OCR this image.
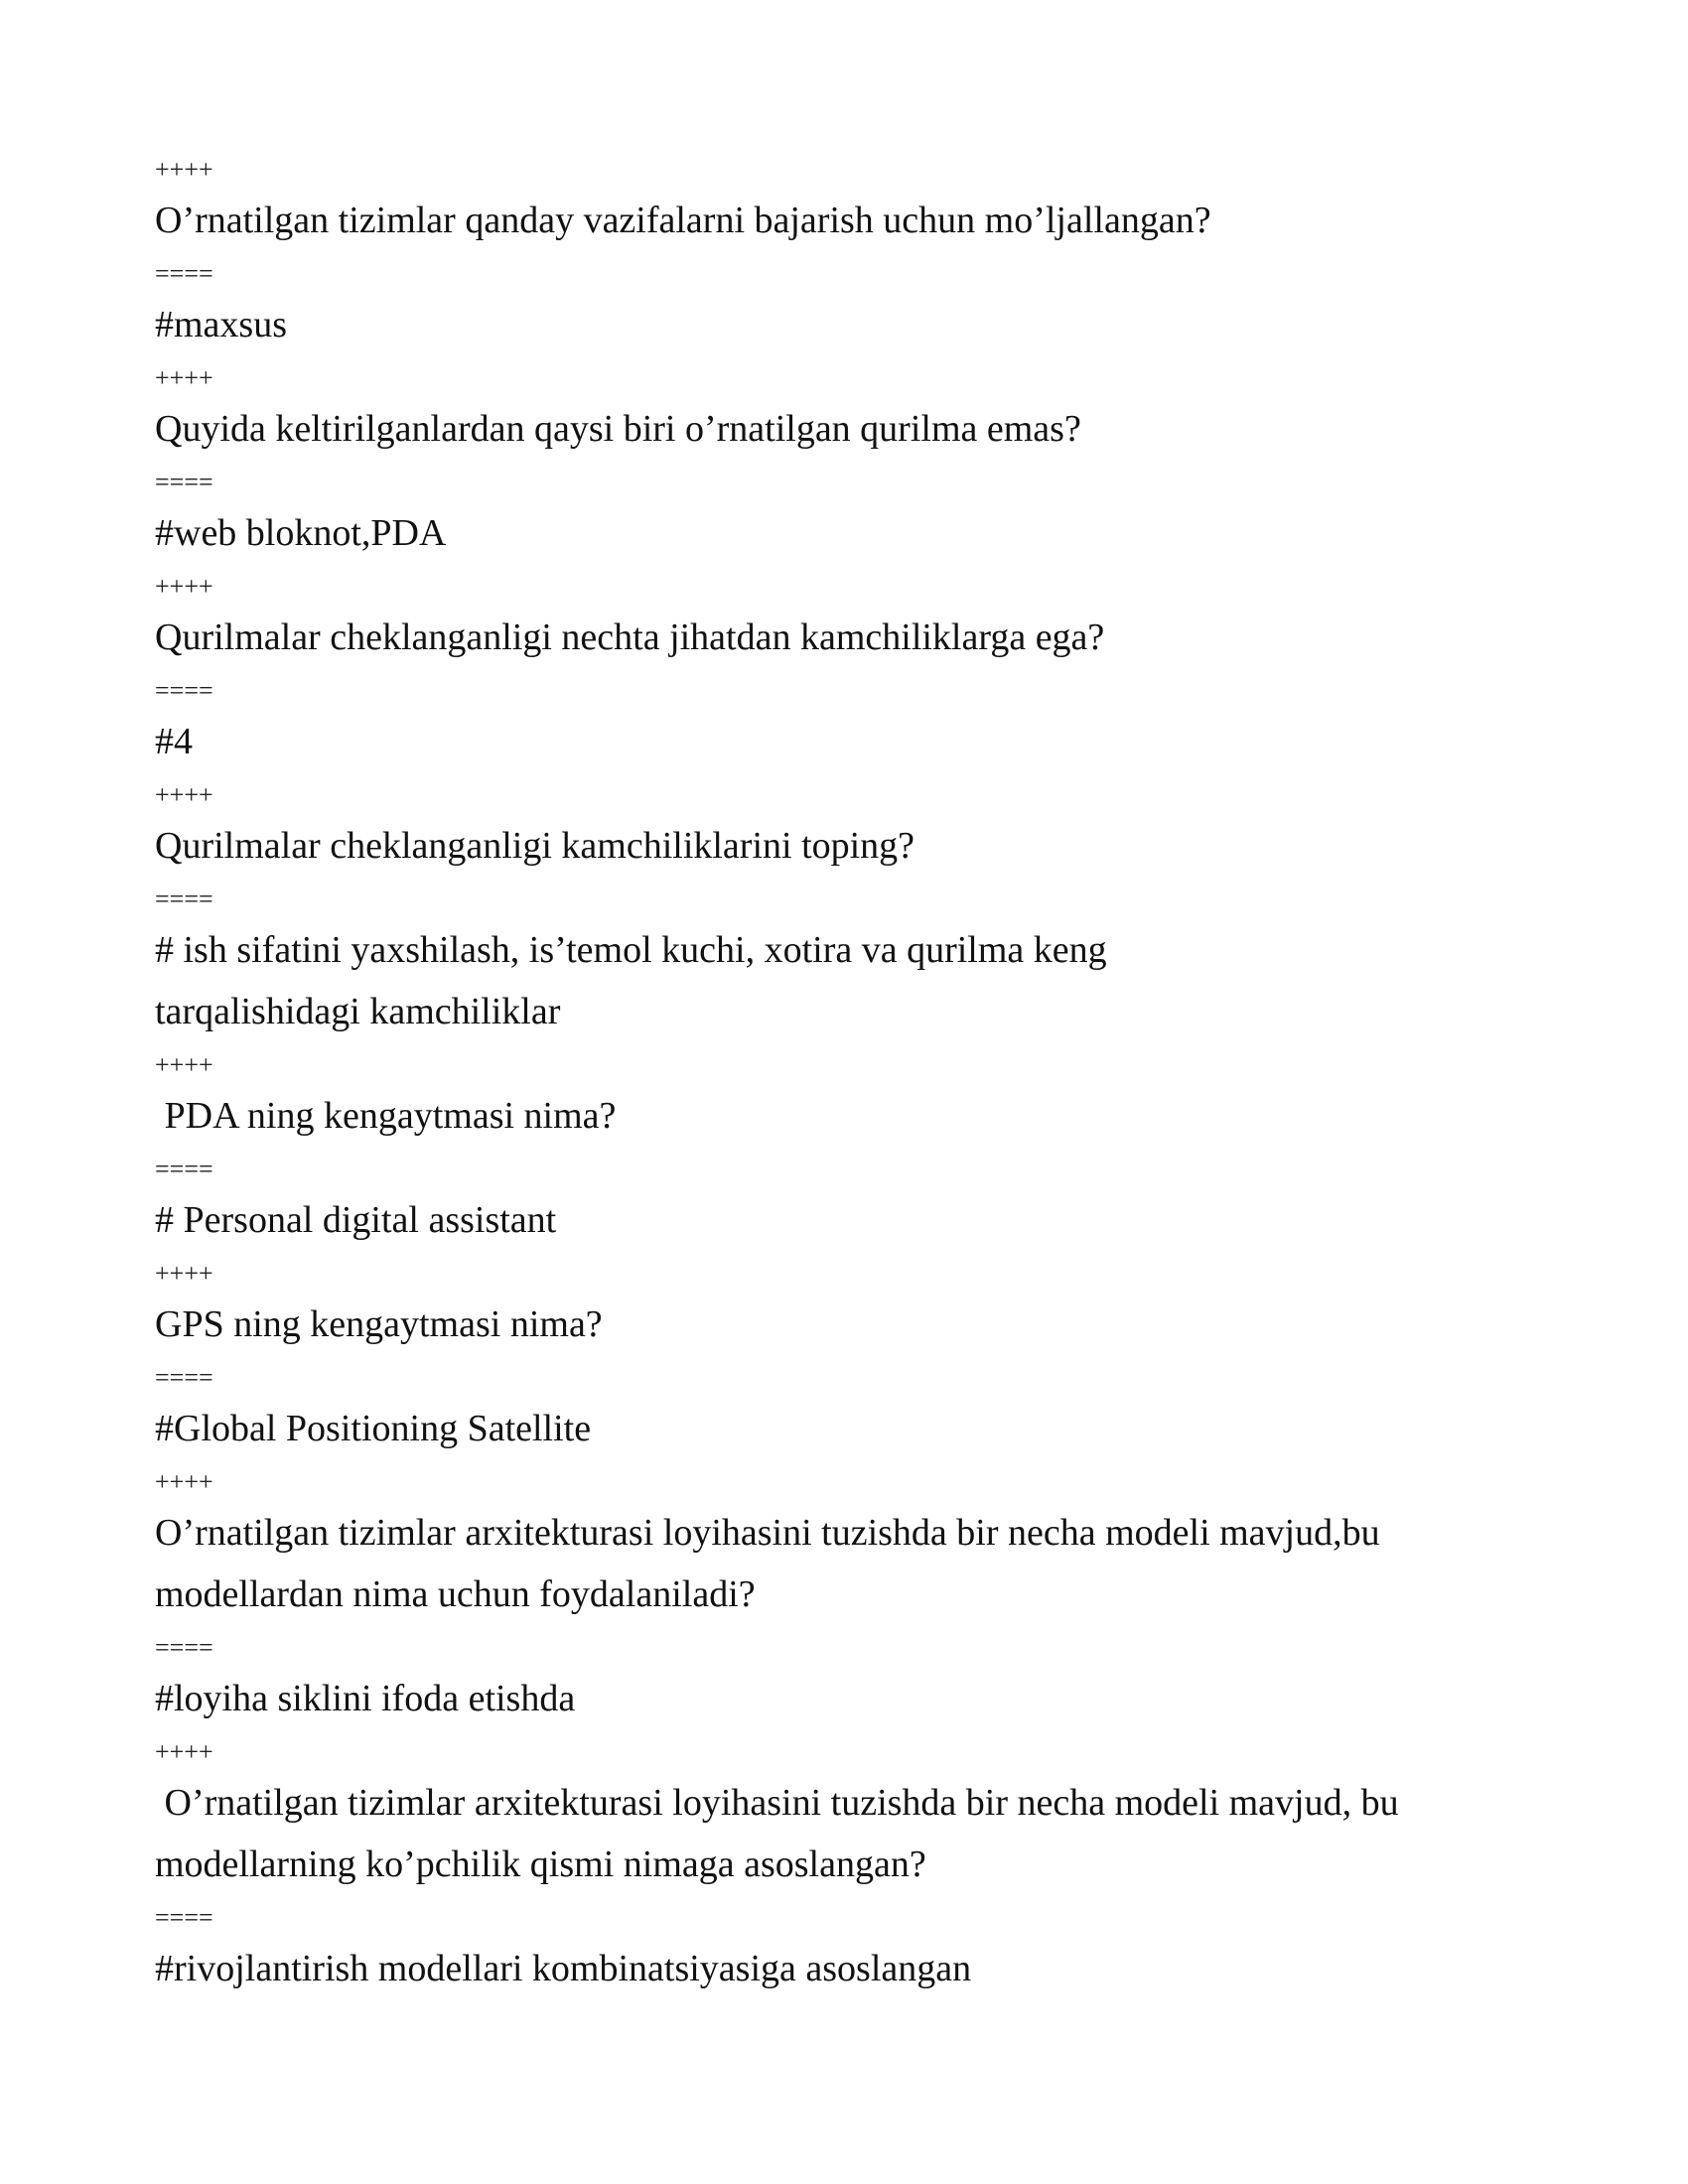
++++
O’rnatilgan tizimlar qanday vazifalarni bajarish uchun mo’ljallangan?
====
#maxsus
++++
Quyida keltirilganlardan qaysi biri o’rnatilgan qurilma emas?
====
#web bloknot,PDA
++++
Qurilmalar cheklanganligi nechta jihatdan kamchiliklarga ega?
====
#4
++++
Qurilmalar cheklanganligi kamchiliklarini toping?
====
# ish sifatini yaxshilash, is’temol kuchi, xotira va qurilma keng
tarqalishidagi kamchiliklar
++++
PDA ning kengaytmasi nima?
====
# Personal digital assistant
++++
GPS ning kengaytmasi nima?
====
#Global Positioning Satellite
++++
O’rnatilgan tizimlar arxitekturasi loyihasini tuzishda bir necha modeli mavjud,bu
modellardan nima uchun foydalaniladi?
====
#loyiha siklini ifoda etishda
++++
O’rnatilgan tizimlar arxitekturasi loyihasini tuzishda bir necha modeli mavjud, bu
modellarning ko’pchilik qismi nimaga asoslangan?
====
#rivojlantirish modellari kombinatsiyasiga asoslangan
